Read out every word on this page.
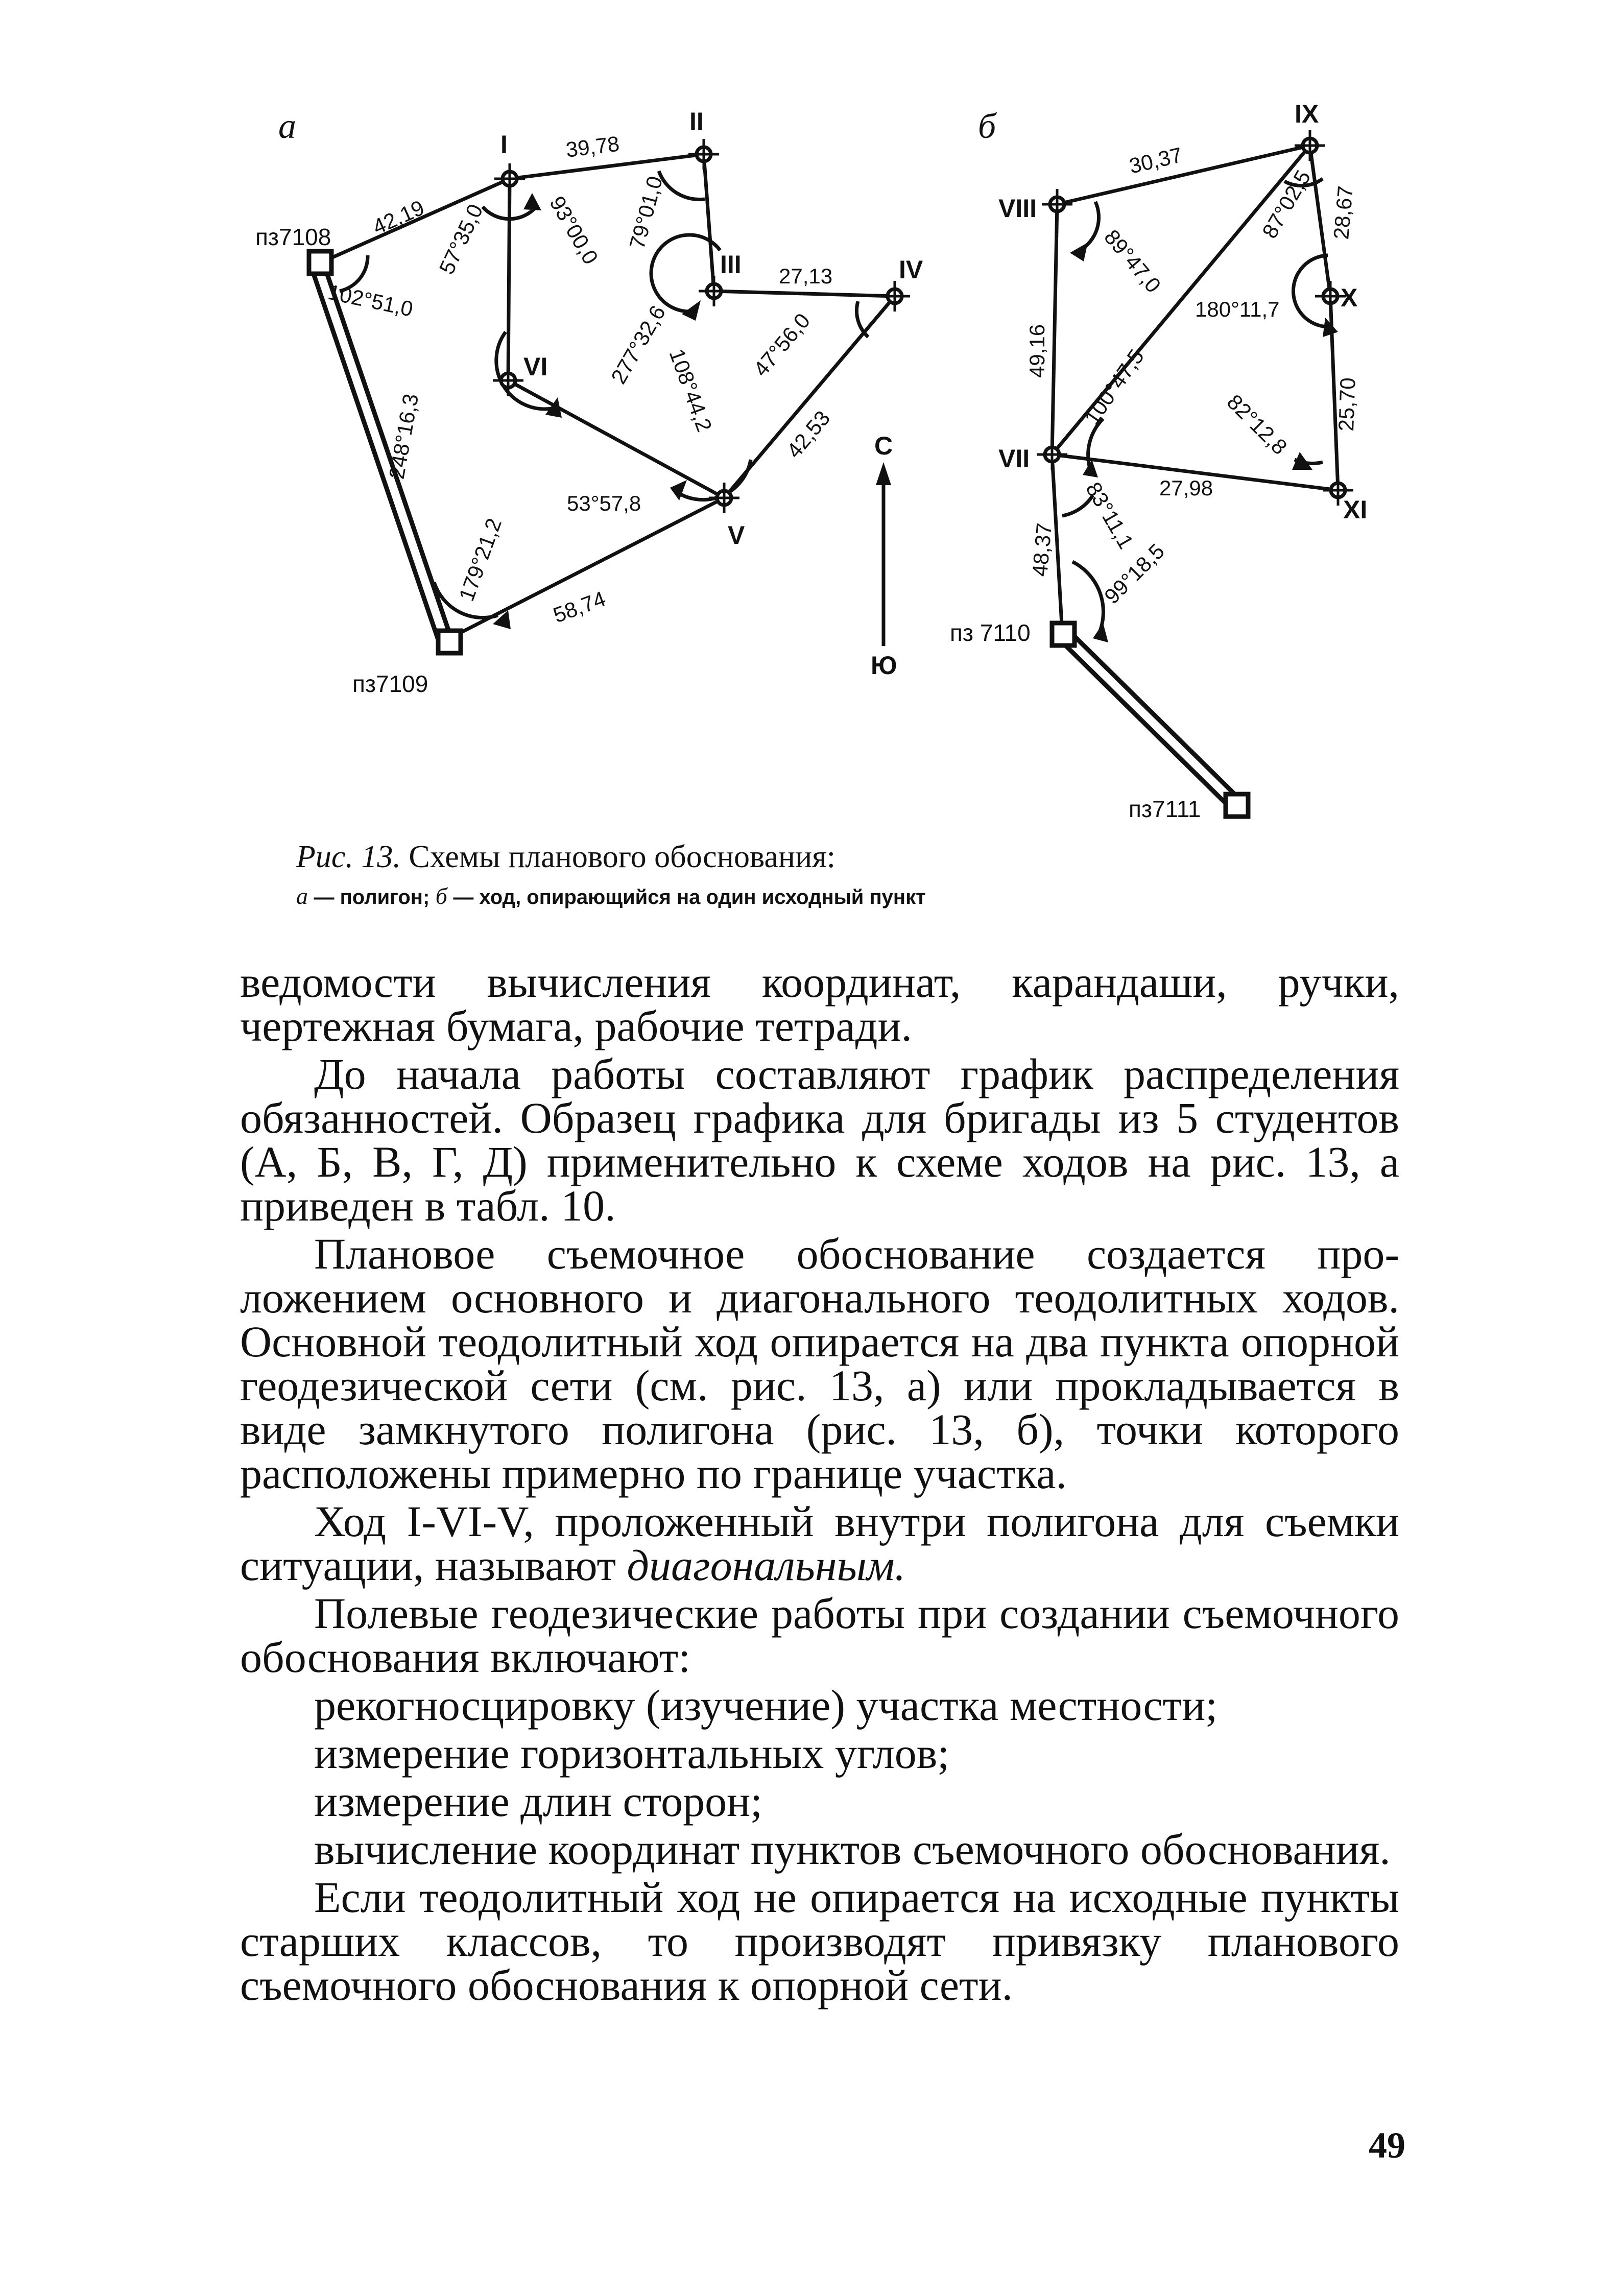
а
пз7108
пз7109
I
II
III	IV
V
VI
42,19
39,78
27,13
42,53
58,74
102°51,0
57°35,0	93°00,0 79°01,0
277°32,6
108°44,2
47°56,0
248°16,3
53°57,8
179°21,2
С
Ю
б
пз 7110
пз7111
VII
VIII
IX
X
XI
30,37
28,67
25,70
27,98
49,16
48,37
89°47,0
87°02,5
180°11,7
100°47,5	82°12,8
83°11,1
99°18,5

Рис. 13. Схемы планового обоснования:

а — полигон; б — ход, опирающийся на один исходный пункт

ведомости вычисления координат, карандаши, ручки, чертежная бумага, рабочие тетради.

До начала работы составляют график распределения обязанностей. Образец графика для бригады из 5 студентов (А, Б, В, Г, Д) применительно к схеме ходов на рис. 13, а приведен в табл. 10.

Плановое съемочное обоснование создается проложением основного и диагонального теодолитных ходов. Основной теодолитный ход опирается на два пункта опорной геодезической сети (см. рис. 13, а) или прокладывается в виде замкнутого полигона (рис. 13, б), точки которого расположены примерно по границе участка.

Ход I-VI-V, проложенный внутри полигона для съемки ситуации, называют диагональным.

Полевые геодезические работы при создании съемочного обоснования включают:

рекогносцировку (изучение) участка местности;

измерение горизонтальных углов;

измерение длин сторон;

вычисление координат пунктов съемочного обоснования.

Если теодолитный ход не опирается на исходные пункты старших классов, то производят привязку планового съемочного обоснования к опорной сети.

49
